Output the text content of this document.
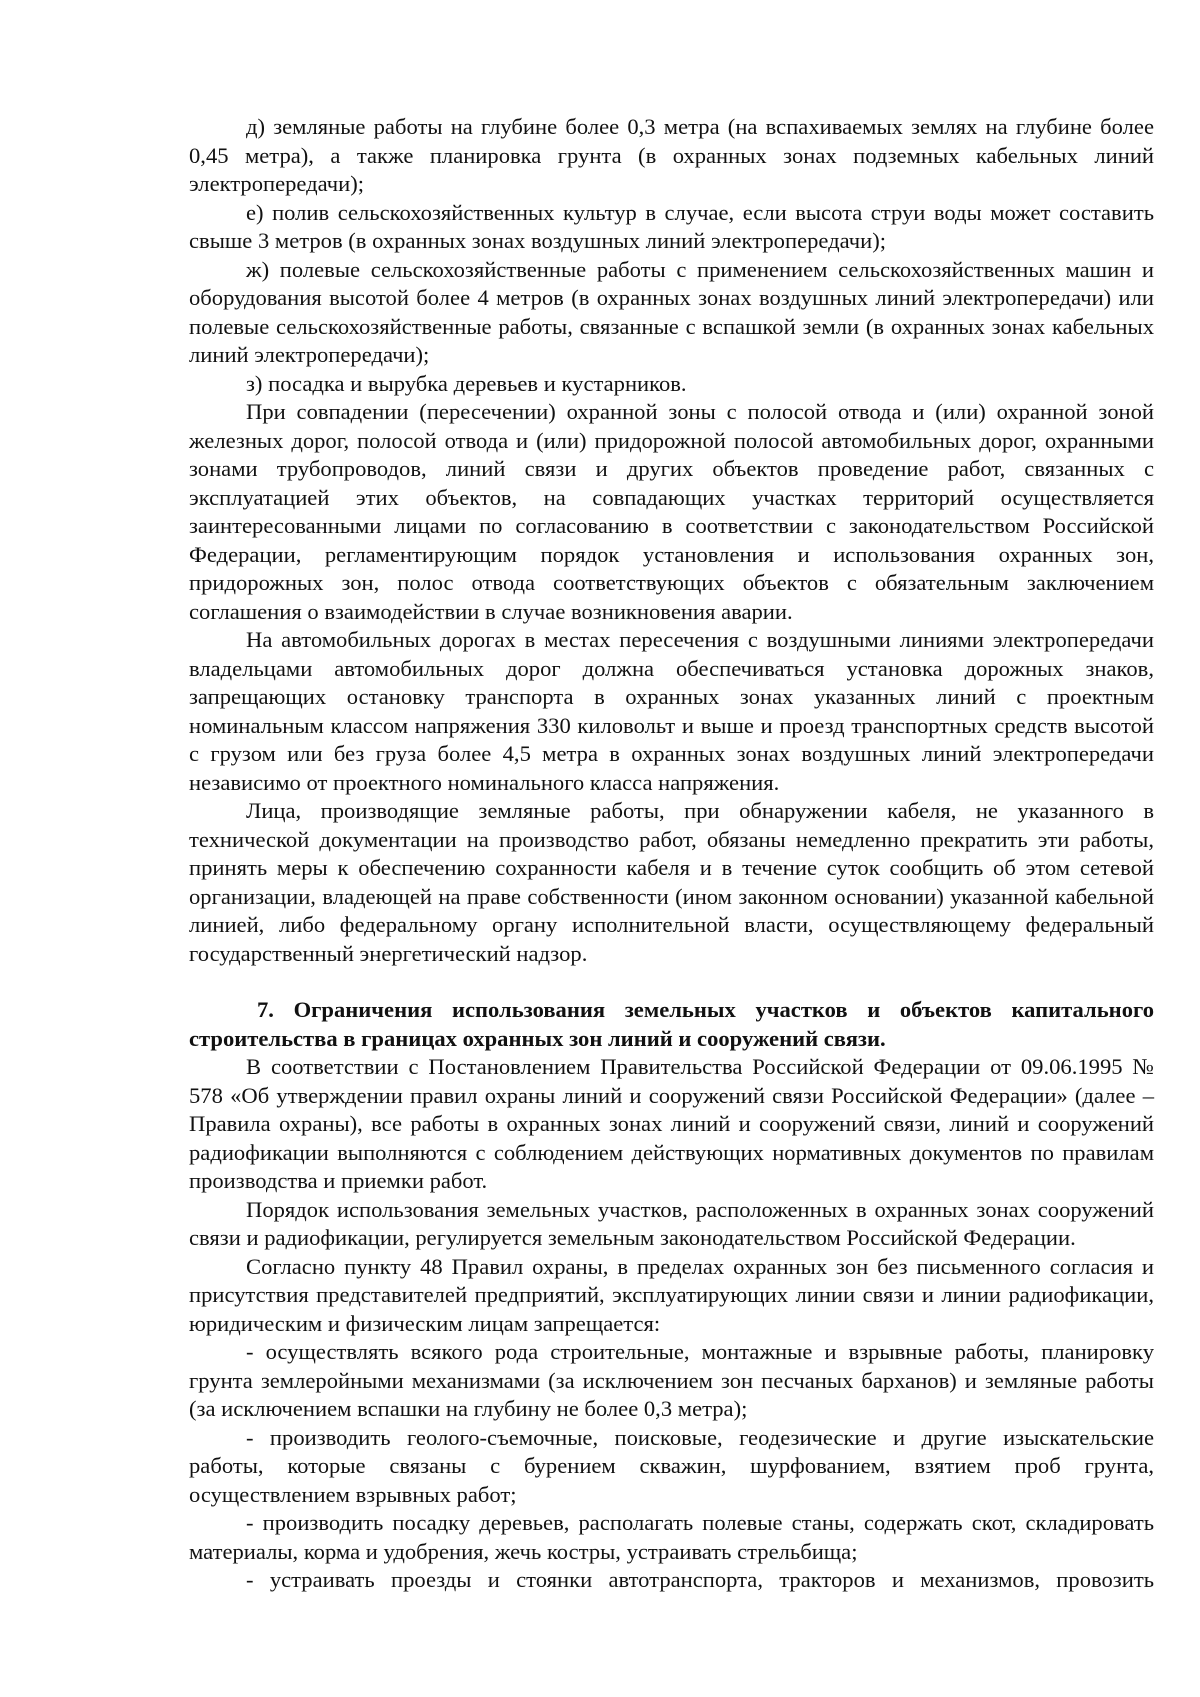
д) земляные работы на глубине более 0,3 метра (на вспахиваемых землях на глубине более 0,45 метра), а также планировка грунта (в охранных зонах подземных кабельных линий электропередачи);

е) полив сельскохозяйственных культур в случае, если высота струи воды может составить свыше 3 метров (в охранных зонах воздушных линий электропередачи);

ж) полевые сельскохозяйственные работы с применением сельскохозяйственных машин и оборудования высотой более 4 метров (в охранных зонах воздушных линий электропередачи) или полевые сельскохозяйственные работы, связанные с вспашкой земли (в охранных зонах кабельных линий электропередачи);

з) посадка и вырубка деревьев и кустарников.

При совпадении (пересечении) охранной зоны с полосой отвода и (или) охранной зоной железных дорог, полосой отвода и (или) придорожной полосой автомобильных дорог, охранными зонами трубопроводов, линий связи и других объектов проведение работ, связанных с эксплуатацией этих объектов, на совпадающих участках территорий осуществляется заинтересованными лицами по согласованию в соответствии с законодательством Российской Федерации, регламентирующим порядок установления и использования охранных зон, придорожных зон, полос отвода соответствующих объектов с обязательным заключением соглашения о взаимодействии в случае возникновения аварии.

На автомобильных дорогах в местах пересечения с воздушными линиями электропередачи владельцами автомобильных дорог должна обеспечиваться установка дорожных знаков, запрещающих остановку транспорта в охранных зонах указанных линий с проектным номинальным классом напряжения 330 киловольт и выше и проезд транспортных средств высотой с грузом или без груза более 4,5 метра в охранных зонах воздушных линий электропередачи независимо от проектного номинального класса напряжения.

Лица, производящие земляные работы, при обнаружении кабеля, не указанного в технической документации на производство работ, обязаны немедленно прекратить эти работы, принять меры к обеспечению сохранности кабеля и в течение суток сообщить об этом сетевой организации, владеющей на праве собственности (ином законном основании) указанной кабельной линией, либо федеральному органу исполнительной власти, осуществляющему федеральный государственный энергетический надзор.

7. Ограничения использования земельных участков и объектов капитального строительства в границах охранных зон линий и сооружений связи.

В соответствии с Постановлением Правительства Российской Федерации от 09.06.1995 № 578 «Об утверждении правил охраны линий и сооружений связи Российской Федерации» (далее – Правила охраны), все работы в охранных зонах линий и сооружений связи, линий и сооружений радиофикации выполняются с соблюдением действующих нормативных документов по правилам производства и приемки работ.

Порядок использования земельных участков, расположенных в охранных зонах сооружений связи и радиофикации, регулируется земельным законодательством Российской Федерации.

Согласно пункту 48 Правил охраны, в пределах охранных зон без письменного согласия и присутствия представителей предприятий, эксплуатирующих линии связи и линии радиофикации, юридическим и физическим лицам запрещается:

- осуществлять всякого рода строительные, монтажные и взрывные работы, планировку грунта землеройными механизмами (за исключением зон песчаных барханов) и земляные работы (за исключением вспашки на глубину не более 0,3 метра);

- производить геолого-съемочные, поисковые, геодезические и другие изыскательские работы, которые связаны с бурением скважин, шурфованием, взятием проб грунта, осуществлением взрывных работ;

- производить посадку деревьев, располагать полевые станы, содержать скот, складировать материалы, корма и удобрения, жечь костры, устраивать стрельбища;

- устраивать проезды и стоянки автотранспорта, тракторов и механизмов, провозить
